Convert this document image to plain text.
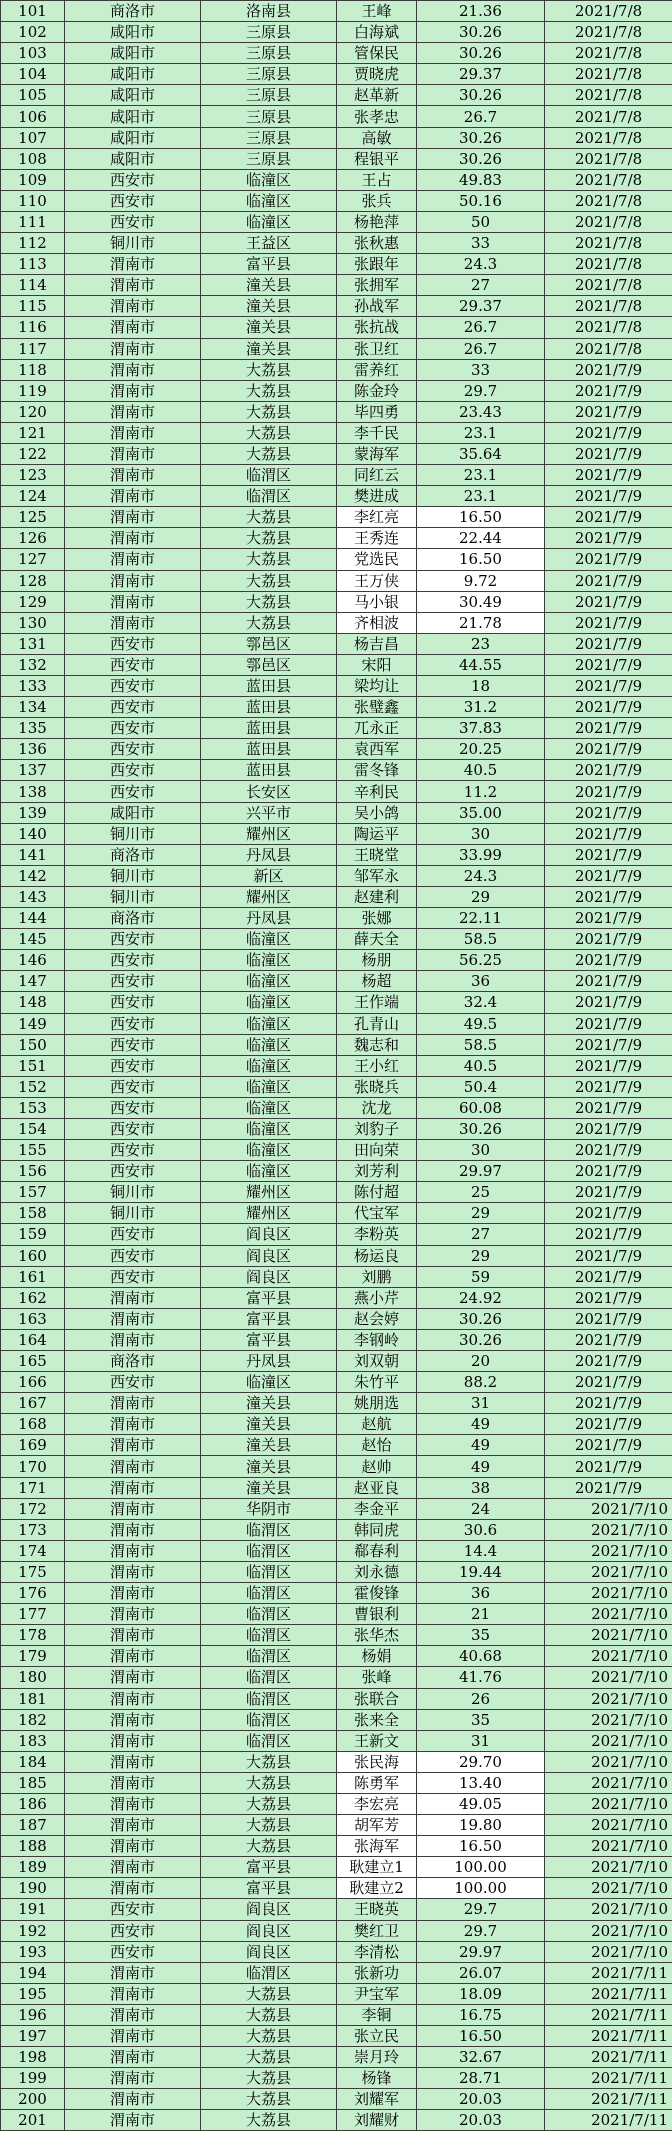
101	商洛市	洛南县	王峰	21.36	2021/7/8
102	咸阳市	三原县	白海斌	30.26	2021/7/8
103	咸阳市	三原县	管保民	30.26	2021/7/8
104	咸阳市	三原县	贾晓虎	29.37	2021/7/8
105	咸阳市	三原县	赵革新	30.26	2021/7/8
106	咸阳市	三原县	张孝忠	26.7	2021/7/8
107	咸阳市	三原县	高敏	30.26	2021/7/8
108	咸阳市	三原县	程银平	30.26	2021/7/8
109	西安市	临潼区	王占	49.83	2021/7/8
110	西安市	临潼区	张兵	50.16	2021/7/8
111	西安市	临潼区	杨艳萍	50	2021/7/8
112	铜川市	王益区	张秋惠	33	2021/7/8
113	渭南市	富平县	张跟年	24.3	2021/7/8
114	渭南市	潼关县	张拥军	27	2021/7/8
115	渭南市	潼关县	孙战军	29.37	2021/7/8
116	渭南市	潼关县	张抗战	26.7	2021/7/8
117	渭南市	潼关县	张卫红	26.7	2021/7/8
118	渭南市	大荔县	雷养红	33	2021/7/9
119	渭南市	大荔县	陈金玲	29.7	2021/7/9
120	渭南市	大荔县	毕四勇	23.43	2021/7/9
121	渭南市	大荔县	李千民	23.1	2021/7/9
122	渭南市	大荔县	蒙海军	35.64	2021/7/9
123	渭南市	临渭区	同红云	23.1	2021/7/9
124	渭南市	临渭区	樊进成	23.1	2021/7/9
125	渭南市	大荔县	李红亮	16.50	2021/7/9
126	渭南市	大荔县	王秀连	22.44	2021/7/9
127	渭南市	大荔县	党选民	16.50	2021/7/9
128	渭南市	大荔县	王万侠	9.72	2021/7/9
129	渭南市	大荔县	马小银	30.49	2021/7/9
130	渭南市	大荔县	齐相波	21.78	2021/7/9
131	西安市	鄠邑区	杨吉昌	23	2021/7/9
132	西安市	鄠邑区	宋阳	44.55	2021/7/9
133	西安市	蓝田县	梁均让	18	2021/7/9
134	西安市	蓝田县	张璧鑫	31.2	2021/7/9
135	西安市	蓝田县	兀永正	37.83	2021/7/9
136	西安市	蓝田县	袁西军	20.25	2021/7/9
137	西安市	蓝田县	雷冬锋	40.5	2021/7/9
138	西安市	长安区	辛利民	11.2	2021/7/9
139	咸阳市	兴平市	吴小鸽	35.00	2021/7/9
140	铜川市	耀州区	陶运平	30	2021/7/9
141	商洛市	丹凤县	王晓堂	33.99	2021/7/9
142	铜川市	新区	邹军永	24.3	2021/7/9
143	铜川市	耀州区	赵建利	29	2021/7/9
144	商洛市	丹凤县	张娜	22.11	2021/7/9
145	西安市	临潼区	薛天全	58.5	2021/7/9
146	西安市	临潼区	杨朋	56.25	2021/7/9
147	西安市	临潼区	杨超	36	2021/7/9
148	西安市	临潼区	王作端	32.4	2021/7/9
149	西安市	临潼区	孔青山	49.5	2021/7/9
150	西安市	临潼区	魏志和	58.5	2021/7/9
151	西安市	临潼区	王小红	40.5	2021/7/9
152	西安市	临潼区	张晓兵	50.4	2021/7/9
153	西安市	临潼区	沈龙	60.08	2021/7/9
154	西安市	临潼区	刘豹子	30.26	2021/7/9
155	西安市	临潼区	田向荣	30	2021/7/9
156	西安市	临潼区	刘芳利	29.97	2021/7/9
157	铜川市	耀州区	陈付超	25	2021/7/9
158	铜川市	耀州区	代宝军	29	2021/7/9
159	西安市	阎良区	李粉英	27	2021/7/9
160	西安市	阎良区	杨运良	29	2021/7/9
161	西安市	阎良区	刘鹏	59	2021/7/9
162	渭南市	富平县	燕小芹	24.92	2021/7/9
163	渭南市	富平县	赵会婷	30.26	2021/7/9
164	渭南市	富平县	李钢岭	30.26	2021/7/9
165	商洛市	丹凤县	刘双朝	20	2021/7/9
166	西安市	临潼区	朱竹平	88.2	2021/7/9
167	渭南市	潼关县	姚朋选	31	2021/7/9
168	渭南市	潼关县	赵航	49	2021/7/9
169	渭南市	潼关县	赵怡	49	2021/7/9
170	渭南市	潼关县	赵帅	49	2021/7/9
171	渭南市	潼关县	赵亚良	38	2021/7/9
172	渭南市	华阴市	李金平	24	2021/7/10
173	渭南市	临渭区	韩同虎	30.6	2021/7/10
174	渭南市	临渭区	郗春利	14.4	2021/7/10
175	渭南市	临渭区	刘永德	19.44	2021/7/10
176	渭南市	临渭区	霍俊锋	36	2021/7/10
177	渭南市	临渭区	曹银利	21	2021/7/10
178	渭南市	临渭区	张华杰	35	2021/7/10
179	渭南市	临渭区	杨娟	40.68	2021/7/10
180	渭南市	临渭区	张峰	41.76	2021/7/10
181	渭南市	临渭区	张联合	26	2021/7/10
182	渭南市	临渭区	张来全	35	2021/7/10
183	渭南市	临渭区	王新文	31	2021/7/10
184	渭南市	大荔县	张民海	29.70	2021/7/10
185	渭南市	大荔县	陈勇军	13.40	2021/7/10
186	渭南市	大荔县	李宏亮	49.05	2021/7/10
187	渭南市	大荔县	胡军芳	19.80	2021/7/10
188	渭南市	大荔县	张海军	16.50	2021/7/10
189	渭南市	富平县	耿建立1	100.00	2021/7/10
190	渭南市	富平县	耿建立2	100.00	2021/7/10
191	西安市	阎良区	王晓英	29.7	2021/7/10
192	西安市	阎良区	樊红卫	29.7	2021/7/10
193	西安市	阎良区	李清松	29.97	2021/7/10
194	渭南市	临渭区	张新功	26.07	2021/7/11
195	渭南市	大荔县	尹宝军	18.09	2021/7/11
196	渭南市	大荔县	李铜	16.75	2021/7/11
197	渭南市	大荔县	张立民	16.50	2021/7/11
198	渭南市	大荔县	崇月玲	32.67	2021/7/11
199	渭南市	大荔县	杨锋	28.71	2021/7/11
200	渭南市	大荔县	刘耀军	20.03	2021/7/11
201	渭南市	大荔县	刘耀财	20.03	2021/7/11
